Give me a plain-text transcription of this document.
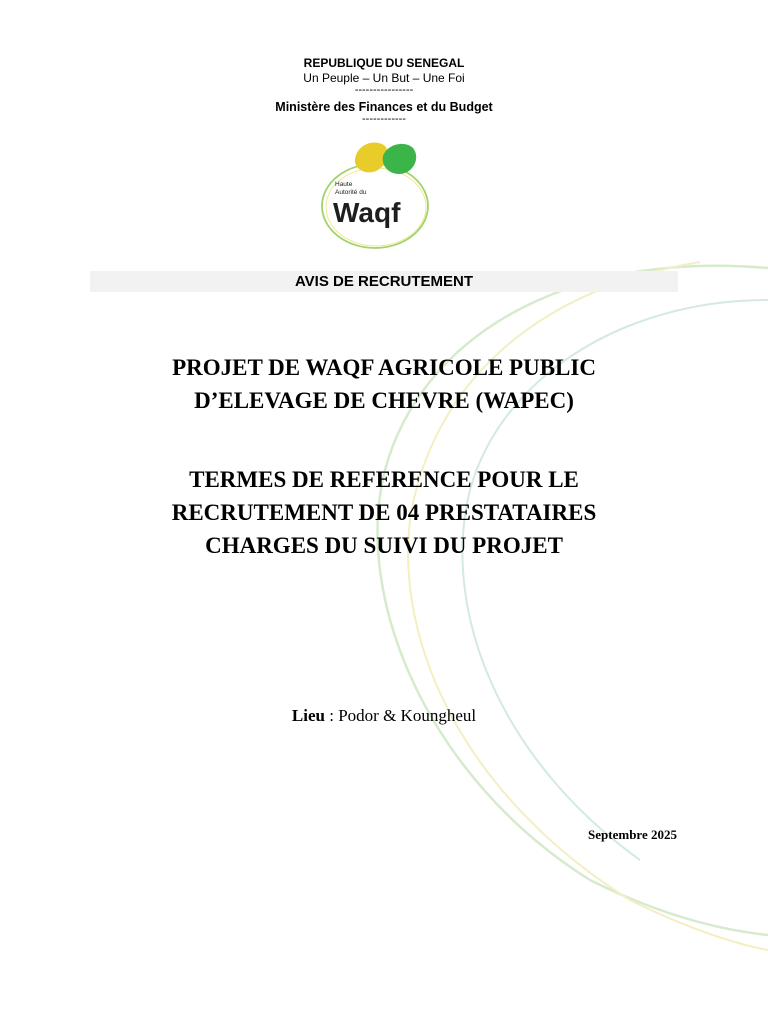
REPUBLIQUE DU SENEGAL
Un Peuple – Un But – Une Foi
----------------
Ministère des Finances et du Budget
------------
Haute
Autorité du
Waqf
AVIS DE RECRUTEMENT
PROJET DE WAQF AGRICOLE PUBLIC
D’ELEVAGE DE CHEVRE (WAPEC)
TERMES DE REFERENCE POUR LE
RECRUTEMENT DE 04 PRESTATAIRES
CHARGES DU SUIVI DU PROJET
Lieu : Podor & Koungheul
Septembre 2025
